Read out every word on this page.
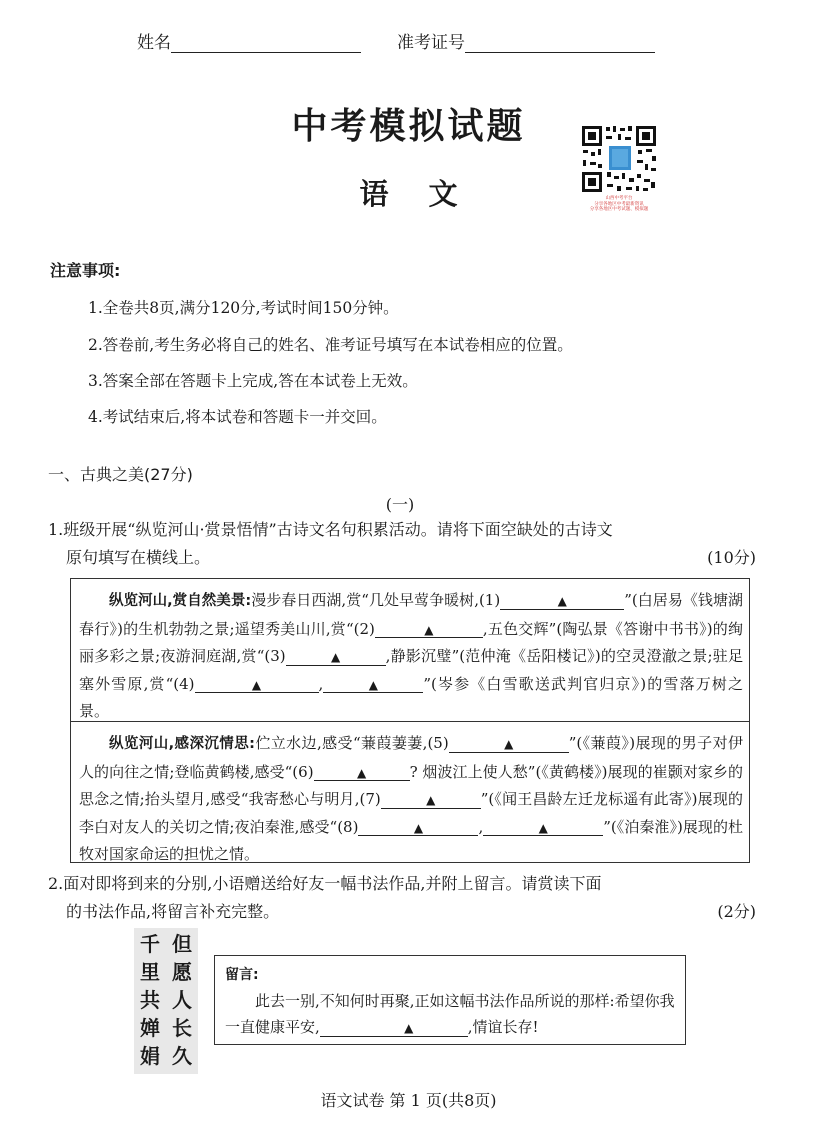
姓名	准考证号
中考模拟试题
语文	山西中考平台
分享各地区中考最新资讯
分享各地区中考试题、模拟题
注意事项:
1.全卷共8页,满分120分,考试时间150分钟。
2.答卷前,考生务必将自己的姓名、准考证号填写在本试卷相应的位置。
3.答案全部在答题卡上完成,答在本试卷上无效。
4.考试结束后,将本试卷和答题卡一并交回。
一、古典之美(27分)
(一)
1.班级开展“纵览河山·赏景悟情”古诗文名句积累活动。请将下面空缺处的古诗文
原句填写在横线上。	(10分)
纵览河山,赏自然美景:漫步春日西湖,赏“几处早莺争暖树,(1)	▲	”(白居易《钱塘湖春行》)的生机勃勃之景;遥望秀美山川,赏“(2)	▲	,五色交辉”(陶弘景《答谢中书书》)的绚丽多彩之景;夜游洞庭湖,赏“(3)	▲	,静影沉璧”(范仲淹《岳阳楼记》)的空灵澄澈之景;驻足塞外雪原,赏“(4)	▲	,	▲	”(岑参《白雪歌送武判官归京》)的雪落万树之景。
纵览河山,感深沉情思:伫立水边,感受“蒹葭萋萋,(5)	▲	”(《蒹葭》)展现的男子对伊人的向往之情;登临黄鹤楼,感受“(6)	▲	? 烟波江上使人愁”(《黄鹤楼》)展现的崔颢对家乡的思念之情;抬头望月,感受“我寄愁心与明月,(7)	▲	”(《闻王昌龄左迁龙标遥有此寄》)展现的李白对友人的关切之情;夜泊秦淮,感受“(8)	▲	,	▲	”(《泊秦淮》)展现的杜牧对国家命运的担忧之情。
2.面对即将到来的分别,小语赠送给好友一幅书法作品,并附上留言。请赏读下面
的书法作品,将留言补充完整。	(2分)
千
里
共
婵
娟
但
愿
人
长
久
留言:
此去一别,不知何时再聚,正如这幅书法作品所说的那样:希望你我一直健康平安,	▲	,情谊长存!
语文试卷 第 1 页(共8页)
